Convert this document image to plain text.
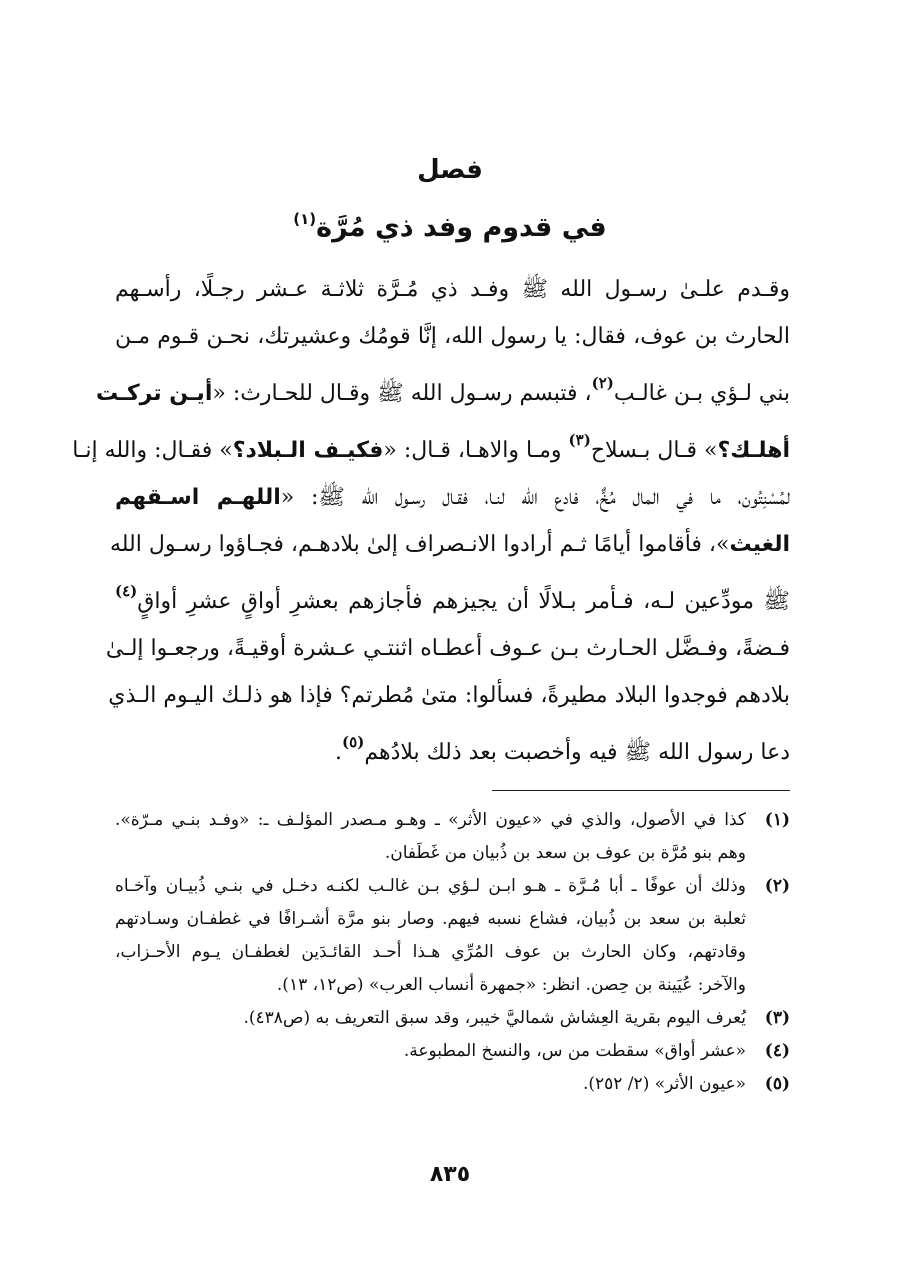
فصل
في قدوم وفد ذي مُرَّة$^{(١)}$
وقـدم علـىٰ رسـول الله ﷺ وفـد ذي مُـرَّة ثلاثـة عـشر رجـلًا، رأسـهم
الحارث بن عوف، فقال: يا رسول الله، إنَّا قومُك وعشيرتك، نحـن قـوم مـن
بني لـؤي بـن غالـب$^{(٢)}$، فتبسم رسـول الله ﷺ وقـال للحـارث: «أيـن تركـت
أهلـك؟» قـال بـسلاح$^{(٣)}$ ومـا والاهـا، قـال: «فكيـف الـبلاد؟» فقـال: والله إنـا
لمُسْنِتُون، ما في المال مُخٌّ، فادع الله لنـا، فقـال رسـول الله ﷺ: «اللهـم اسـقهم
الغيث»، فأقاموا أيامًا ثـم أرادوا الانـصراف إلىٰ بلادهـم، فجـاؤوا رسـول الله
ﷺ مودِّعين لـه، فـأمر بـلالًا أن يجيزهم فأجازهم بعشرِ أواقٍ عشرِ أواقٍ$^{(٤)}$
فـضةً، وفـضَّل الحـارث بـن عـوف أعطـاه اثنتـي عـشرة أوقيـةً، ورجعـوا إلـىٰ
بلادهم فوجدوا البلاد مطيرةً، فسألوا: متىٰ مُطرتم؟ فإذا هو ذلـك اليـوم الـذي
دعا رسول الله ﷺ فيه وأخصبت بعد ذلك بلادُهم$^{(٥)}$.
(١)
كذا في الأصول، والذي في «عيون الأثر» ـ وهـو مـصدر المؤلـف ـ: «وفـد بنـي مـرّة».
وهم بنو مُرَّة بن عوف بن سعد بن ذُبيان من غَطَفان.
(٢)
وذلك أن عوفًا ـ أبا مُـرَّة ـ هـو ابـن لـؤي بـن غالـب لكنـه دخـل في بنـي ذُبيـان وآخـاه
ثعلبة بن سعد بن ذُبيان، فشاع نسبه فيهم. وصار بنو مرَّة أشـرافًا في غطفـان وسـادتهم
وقادتهم، وكان الحارث بن عوف المُرِّي هـذا أحـد القائـدَين لغطفـان يـوم الأحـزاب،
والآخر: عُيَينة بن حِصن. انظر: «جمهرة أنساب العرب» (ص١٢، ١٣).
(٣)
يُعرف اليوم بقرية العِشاش شماليَّ خيبر، وقد سبق التعريف به (ص٤٣٨).
(٤)
«عشر أواق» سقطت من س، والنسخ المطبوعة.
(٥)
«عيون الأثر» (٢/ ٢٥٢).
٨٣٥
